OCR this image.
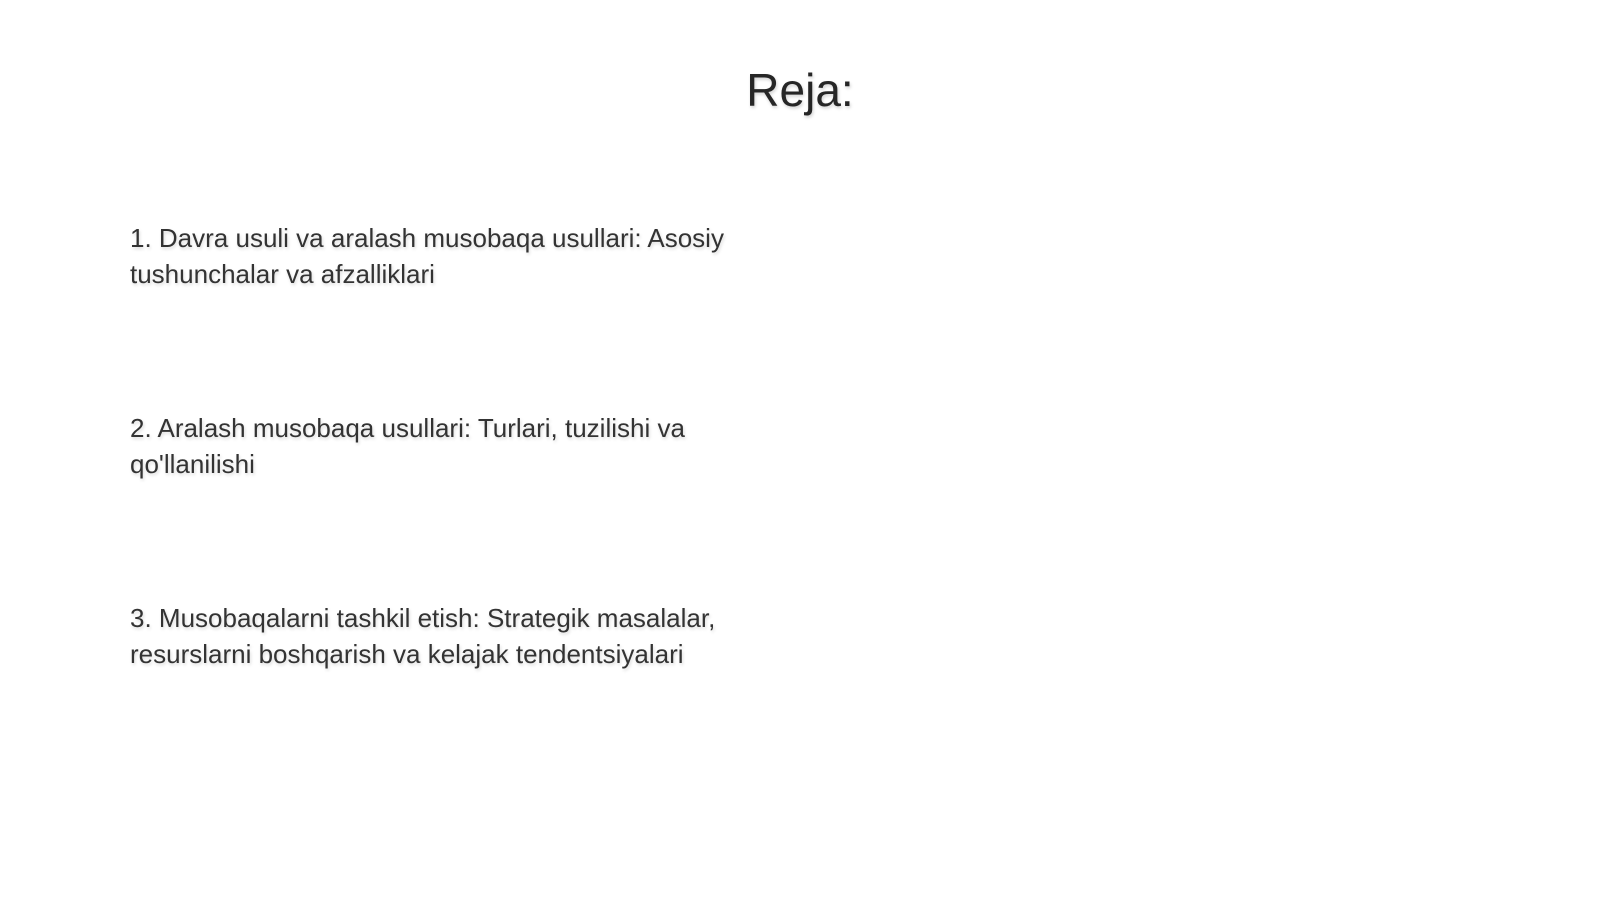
Reja:
1. Davra usuli va aralash musobaqa usullari: Asosiy tushunchalar va afzalliklari
2. Aralash musobaqa usullari: Turlari, tuzilishi va qo'llanilishi
3. Musobaqalarni tashkil etish: Strategik masalalar, resurslarni boshqarish va kelajak tendentsiyalari
